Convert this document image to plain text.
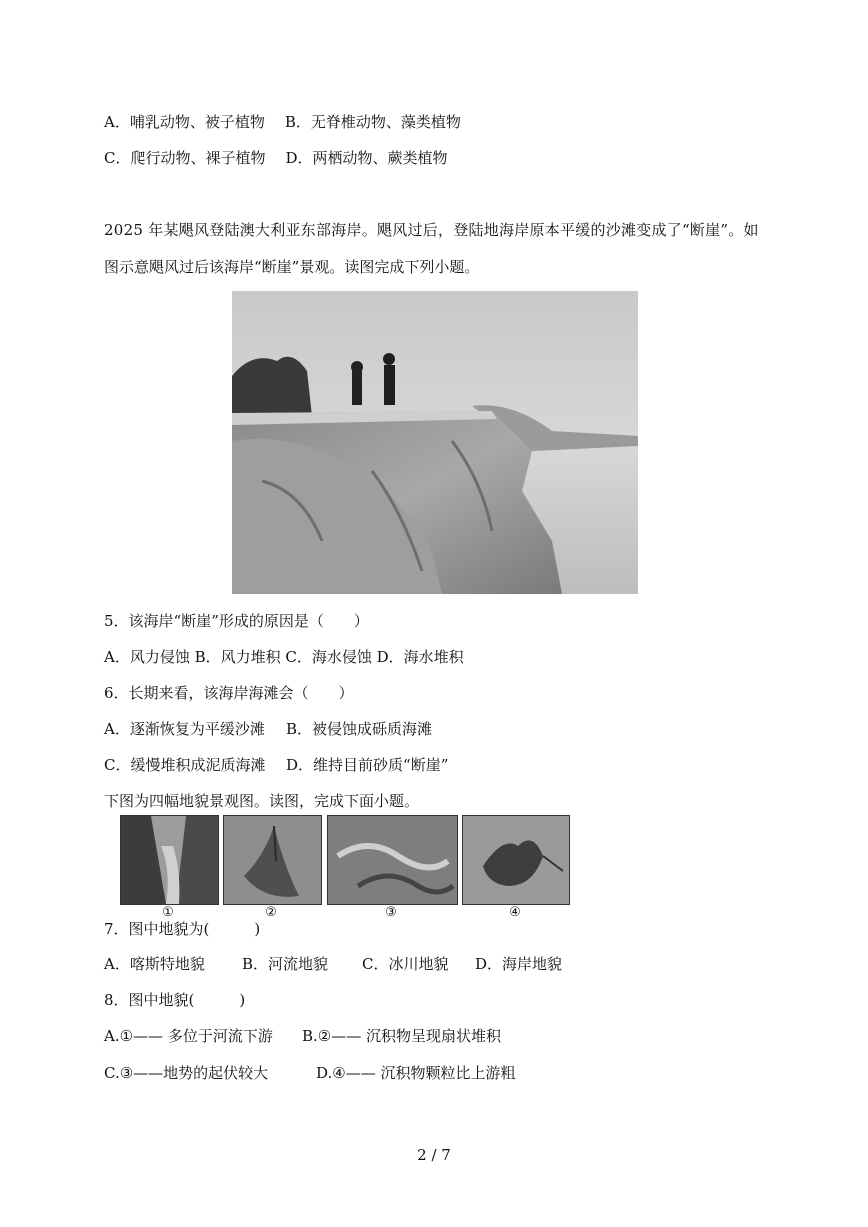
A．哺乳动物、被子植物 B．无脊椎动物、藻类植物
C．爬行动物、裸子植物 D．两栖动物、蕨类植物
2025 年某飓风登陆澳大利亚东部海岸。飓风过后，登陆地海岸原本平缓的沙滩变成了“断崖”。如
图示意飓风过后该海岸“断崖”景观。读图完成下列小题。
5．该海岸“断崖”形成的原因是（　　）
A．风力侵蚀 B．风力堆积 C．海水侵蚀 D．海水堆积
6．长期来看，该海岸海滩会（　　）
A．逐渐恢复为平缓沙滩 B．被侵蚀成砾质海滩
C．缓慢堆积成泥质海滩 D．维持目前砂质“断崖”
下图为四幅地貌景观图。读图，完成下面小题。
①	②	③	④
7．图中地貌为(　　　)
A．喀斯特地貌 B．河流地貌 C．冰川地貌 D．海岸地貌
8．图中地貌(　　　)
A.①—— 多位于河流下游 B.②—— 沉积物呈现扇状堆积
C.③——地势的起伏较大	D.④—— 沉积物颗粒比上游粗
2 / 7
